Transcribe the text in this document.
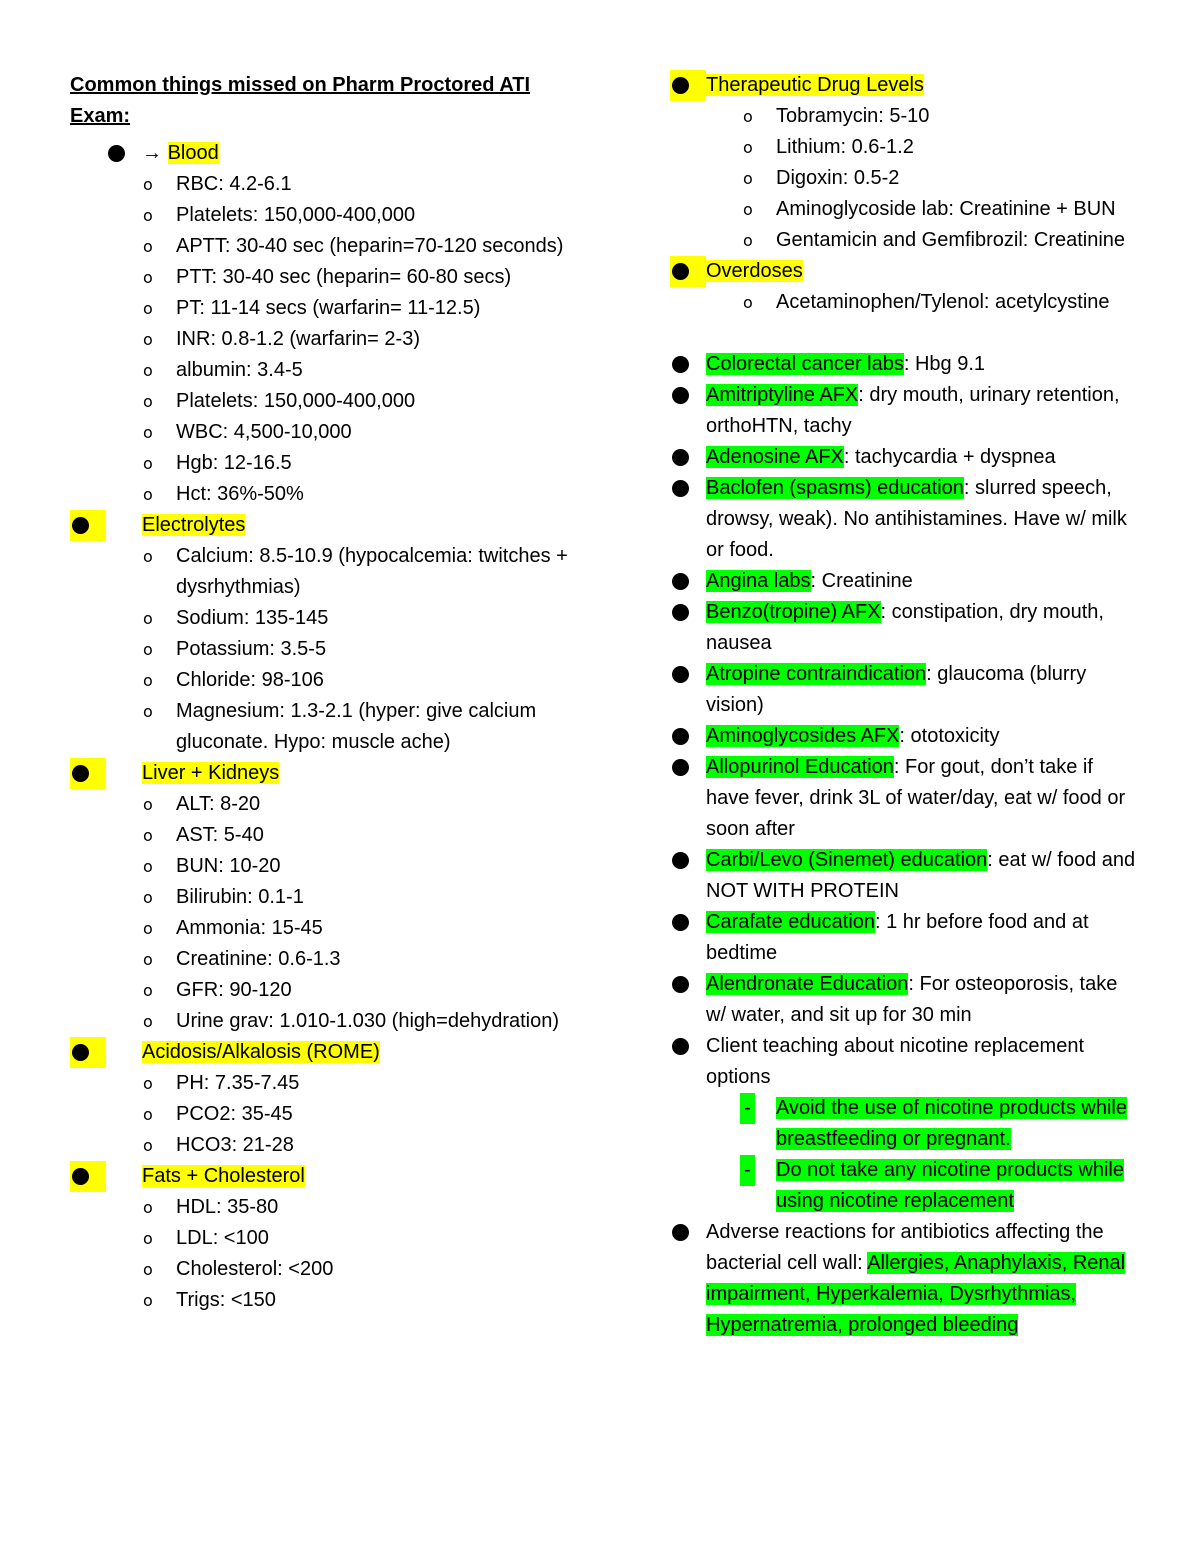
Common things missed on Pharm Proctored ATI Exam:
→ Blood
o RBC: 4.2-6.1
o Platelets: 150,000-400,000
o APTT: 30-40 sec (heparin=70-120 seconds)
o PTT: 30-40 sec (heparin= 60-80 secs)
o PT: 11-14 secs (warfarin= 11-12.5)
o INR: 0.8-1.2 (warfarin= 2-3)
o albumin: 3.4-5
o Platelets: 150,000-400,000
o WBC: 4,500-10,000
o Hgb: 12-16.5
o Hct: 36%-50%
Electrolytes
o Calcium: 8.5-10.9 (hypocalcemia: twitches + dysrhythmias)
o Sodium: 135-145
o Potassium: 3.5-5
o Chloride: 98-106
o Magnesium: 1.3-2.1 (hyper: give calcium gluconate. Hypo: muscle ache)
Liver + Kidneys
o ALT: 8-20
o AST: 5-40
o BUN: 10-20
o Bilirubin: 0.1-1
o Ammonia: 15-45
o Creatinine: 0.6-1.3
o GFR: 90-120
o Urine grav: 1.010-1.030 (high=dehydration)
Acidosis/Alkalosis (ROME)
o PH: 7.35-7.45
o PCO2: 35-45
o HCO3: 21-28
Fats + Cholesterol
o HDL: 35-80
o LDL: <100
o Cholesterol: <200
o Trigs: <150
Therapeutic Drug Levels
o Tobramycin: 5-10
o Lithium: 0.6-1.2
o Digoxin: 0.5-2
o Aminoglycoside lab: Creatinine + BUN
o Gentamicin and Gemfibrozil: Creatinine
Overdoses
o Acetaminophen/Tylenol: acetylcystine
Colorectal cancer labs: Hbg 9.1
Amitriptyline AFX: dry mouth, urinary retention, orthoHTN, tachy
Adenosine AFX: tachycardia + dyspnea
Baclofen (spasms) education: slurred speech, drowsy, weak). No antihistamines. Have w/ milk or food.
Angina labs: Creatinine
Benzo(tropine) AFX: constipation, dry mouth, nausea
Atropine contraindication: glaucoma (blurry vision)
Aminoglycosides AFX: ototoxicity
Allopurinol Education: For gout, don’t take if have fever, drink 3L of water/day, eat w/ food or soon after
Carbi/Levo (Sinemet) education: eat w/ food and NOT WITH PROTEIN
Carafate education: 1 hr before food and at bedtime
Alendronate Education: For osteoporosis, take w/ water, and sit up for 30 min
Client teaching about nicotine replacement options
- Avoid the use of nicotine products while breastfeeding or pregnant.
- Do not take any nicotine products while using nicotine replacement
Adverse reactions for antibiotics affecting the bacterial cell wall: Allergies, Anaphylaxis, Renal impairment, Hyperkalemia, Dysrhythmias, Hypernatremia, prolonged bleeding
